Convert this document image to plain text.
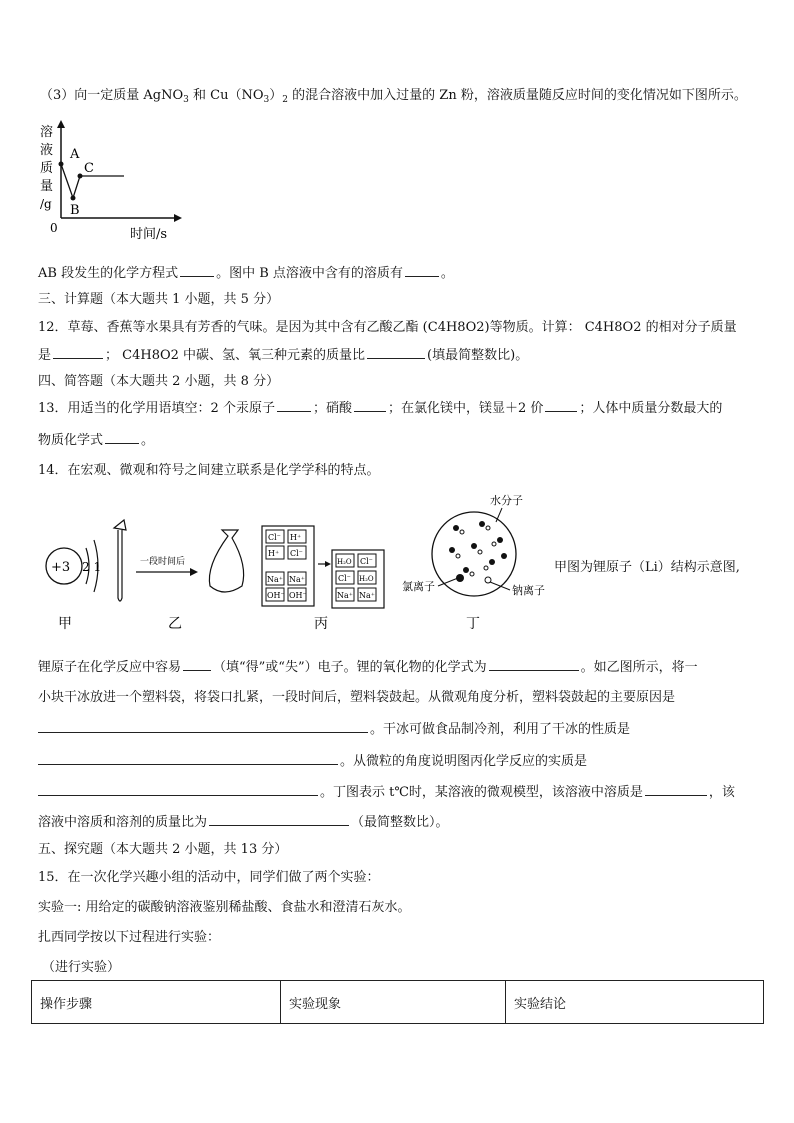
（3）向一定质量 AgNO$_3$ 和 $Cu(NO_3)_2$ 的混合溶液中加入过量的 Zn 粉，溶液质量随反应时间的变化情况如下图所示。
A
B
C
溶
液
质
量
/g
0	时间/s
AB 段发生的化学方程式	。图中 B 点溶液中含有的溶质有	。
三、计算题（本大题共 1 小题，共 5 分）
12．草莓、香蕉等水果具有芳香的气味。是因为其中含有乙酸乙酯 (C4H8O2)等物质。计算： C4H8O2 的相对分子质量
是	； C4H8O2 中碳、氢、氧三种元素的质量比	(填最简整数比)。
四、简答题（本大题共 2 小题，共 8 分）
13．用适当的化学用语填空：2 个汞原子	；硝酸	；在氯化镁中，镁显＋2 价	；人体中质量分数最大的
物质化学式	。
14．在宏观、微观和符号之间建立联系是化学学科的特点。
+3 2 1
甲
一段时间后
乙
Cl⁻ H⁺
H⁺ Cl⁻
Na⁺ Na⁺
OH⁻ OH⁻
H₂O Cl⁻
Cl⁻ H₂O
Na⁺ Na⁺
丙
水分子
氯离子	钠离子
丁
甲图为锂原子（Li）结构示意图,
锂原子在化学反应中容易 （填“得”或“失”）电子。锂的氧化物的化学式为	。如乙图所示，将一
小块干冰放进一个塑料袋，将袋口扎紧，一段时间后，塑料袋鼓起。从微观角度分析，塑料袋鼓起的主要原因是
。干冰可做食品制冷剂，利用了干冰的性质是
。从微粒的角度说明图丙化学反应的实质是
。丁图表示 t℃时，某溶液的微观模型，该溶液中溶质是	，该
溶液中溶质和溶剂的质量比为	（最简整数比）。
五、探究题（本大题共 2 小题，共 13 分）
15．在一次化学兴趣小组的活动中，同学们做了两个实验：
实验一: 用给定的碳酸钠溶液鉴别稀盐酸、食盐水和澄清石灰水。
扎西同学按以下过程进行实验：
（进行实验）
操作步骤	实验现象	实验结论
